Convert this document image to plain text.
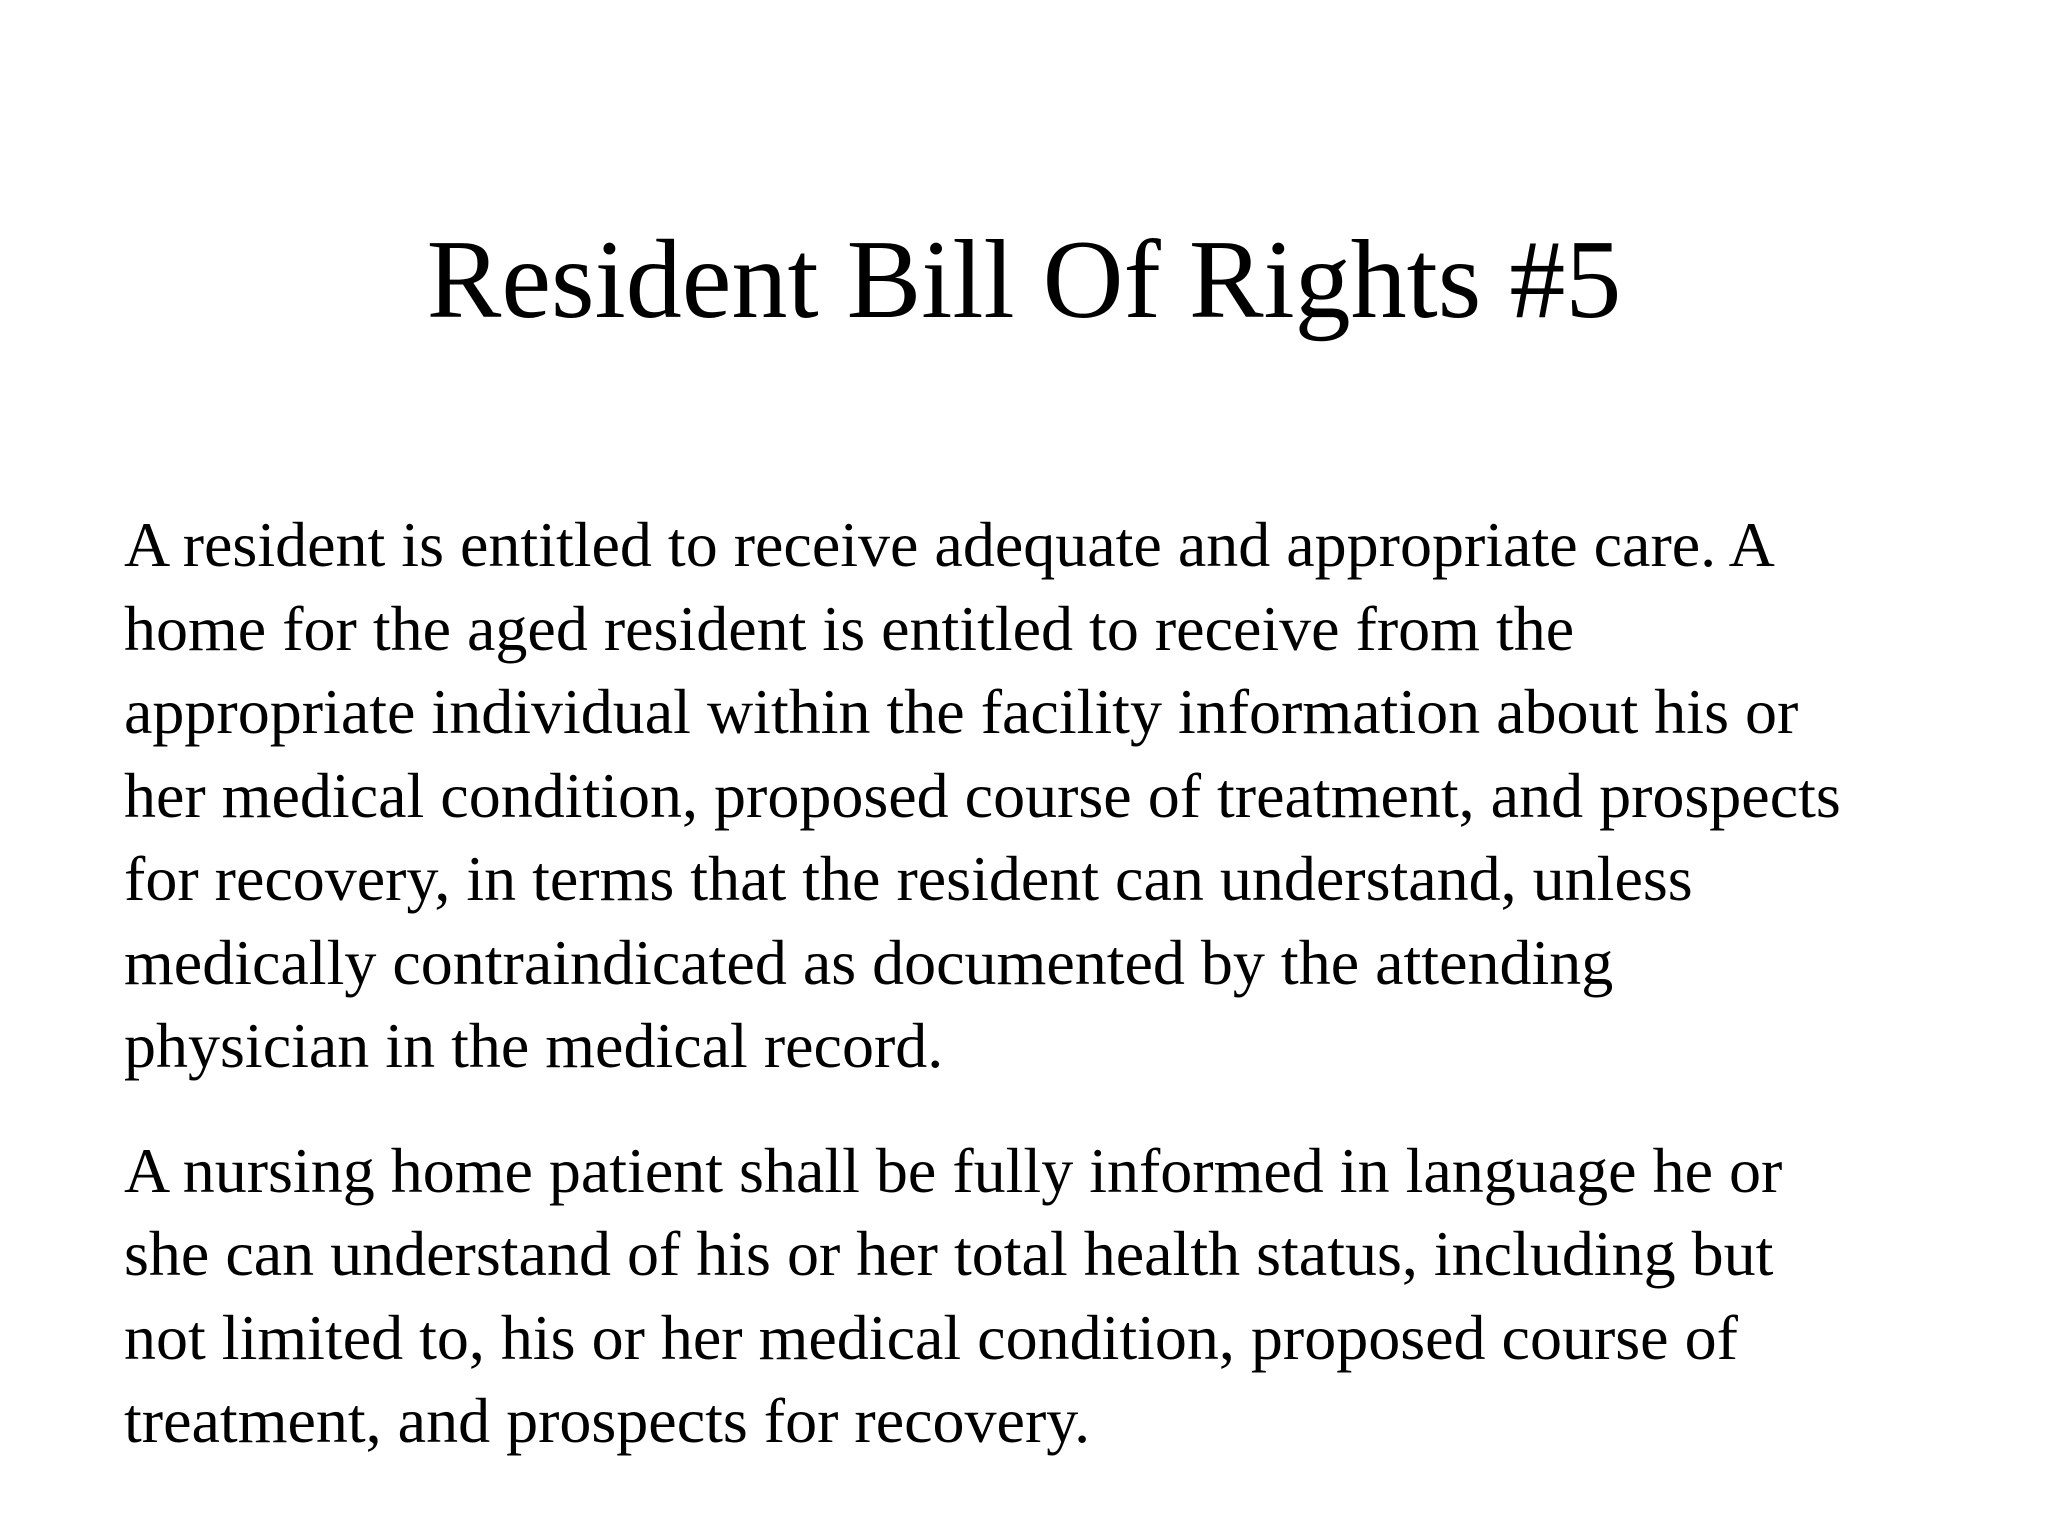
Resident Bill Of Rights #5

A resident is entitled to receive adequate and appropriate care. A
home for the aged resident is entitled to receive from the
appropriate individual within the facility information about his or
her medical condition, proposed course of treatment, and prospects
for recovery, in terms that the resident can understand, unless
medically contraindicated as documented by the attending
physician in the medical record.

A nursing home patient shall be fully informed in language he or
she can understand of his or her total health status, including but
not limited to, his or her medical condition, proposed course of
treatment, and prospects for recovery.
